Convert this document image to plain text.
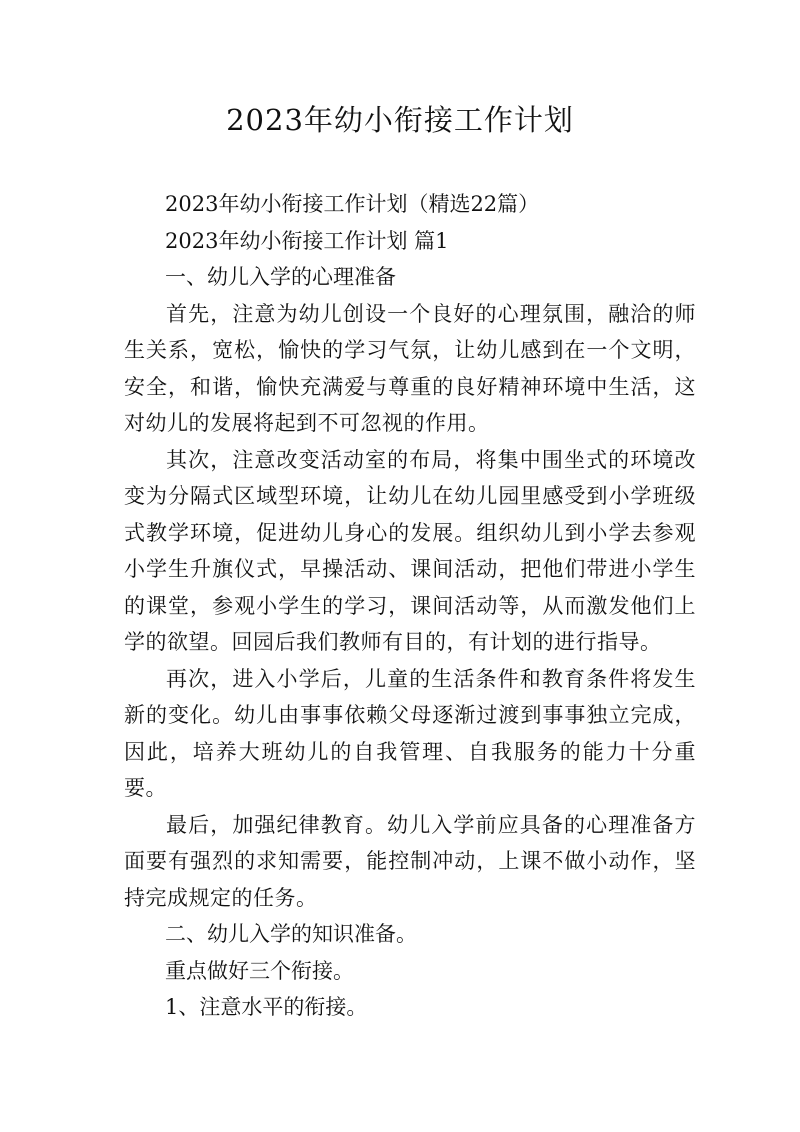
2023年幼小衔接工作计划
2023年幼小衔接工作计划（精选22篇）
2023年幼小衔接工作计划 篇1
一、幼儿入学的心理准备

首先，注意为幼儿创设一个良好的心理氛围，融洽的师生关系，宽松，愉快的学习气氛，让幼儿感到在一个文明，安全，和谐，愉快充满爱与尊重的良好精神环境中生活，这对幼儿的发展将起到不可忽视的作用。

其次，注意改变活动室的布局，将集中围坐式的环境改变为分隔式区域型环境，让幼儿在幼儿园里感受到小学班级式教学环境，促进幼儿身心的发展。组织幼儿到小学去参观小学生升旗仪式，早操活动、课间活动，把他们带进小学生的课堂，参观小学生的学习，课间活动等，从而激发他们上学的欲望。回园后我们教师有目的，有计划的进行指导。

再次，进入小学后，儿童的生活条件和教育条件将发生新的变化。幼儿由事事依赖父母逐渐过渡到事事独立完成，因此，培养大班幼儿的自我管理、自我服务的能力十分重要。

最后，加强纪律教育。幼儿入学前应具备的心理准备方面要有强烈的求知需要，能控制冲动，上课不做小动作，坚持完成规定的任务。

二、幼儿入学的知识准备。
重点做好三个衔接。
1、注意水平的衔接。
